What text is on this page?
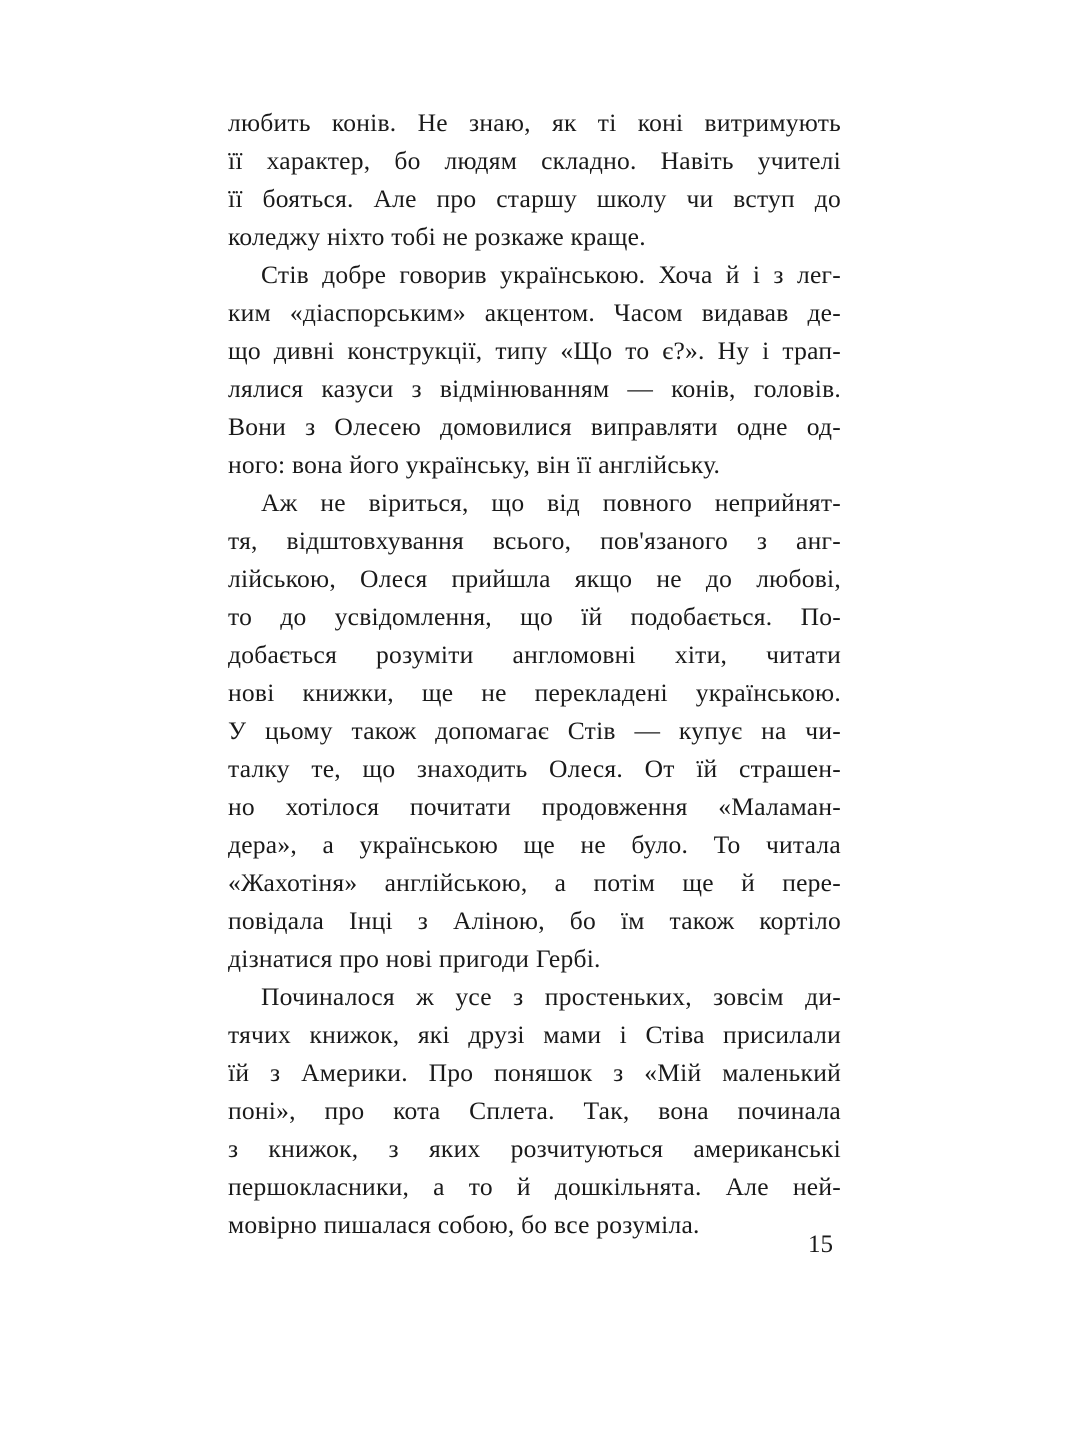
любить конів. Не знаю, як ті коні витримують
її характер, бо людям складно. Навіть учителі
її бояться. Але про старшу школу чи вступ до
коледжу ніхто тобі не розкаже краще.
Стів добре говорив українською. Хоча й і з лег-
ким «діаспорським» акцентом. Часом видавав де-
що дивні конструкції, типу «Що то є?». Ну і трап-
лялися казуси з відмінюванням — конів, головів.
Вони з Олесею домовилися виправляти одне од-
ного: вона його українську, він її англійську.
Аж не віриться, що від повного неприйнят-
тя, відштовхування всього, пов'язаного з анг-
лійською, Олеся прийшла якщо не до любові,
то до усвідомлення, що їй подобається. По-
добається розуміти англомовні хіти, читати
нові книжки, ще не перекладені українською.
У цьому також допомагає Стів — купує на чи-
талку те, що знаходить Олеся. От їй страшен-
но хотілося почитати продовження «Маламан-
дера», а українською ще не було. То читала
«Жахотіня» англійською, а потім ще й пере-
повідала Інці з Аліною, бо їм також кортіло
дізнатися про нові пригоди Гербі.
Починалося ж усе з простеньких, зовсім ди-
тячих книжок, які друзі мами і Стіва присилали
їй з Америки. Про поняшок з «Мій маленький
поні», про кота Сплета. Так, вона починала
з книжок, з яких розчитуються американські
першокласники, а то й дошкільнята. Але ней-
мовірно пишалася собою, бо все розуміла.
15
